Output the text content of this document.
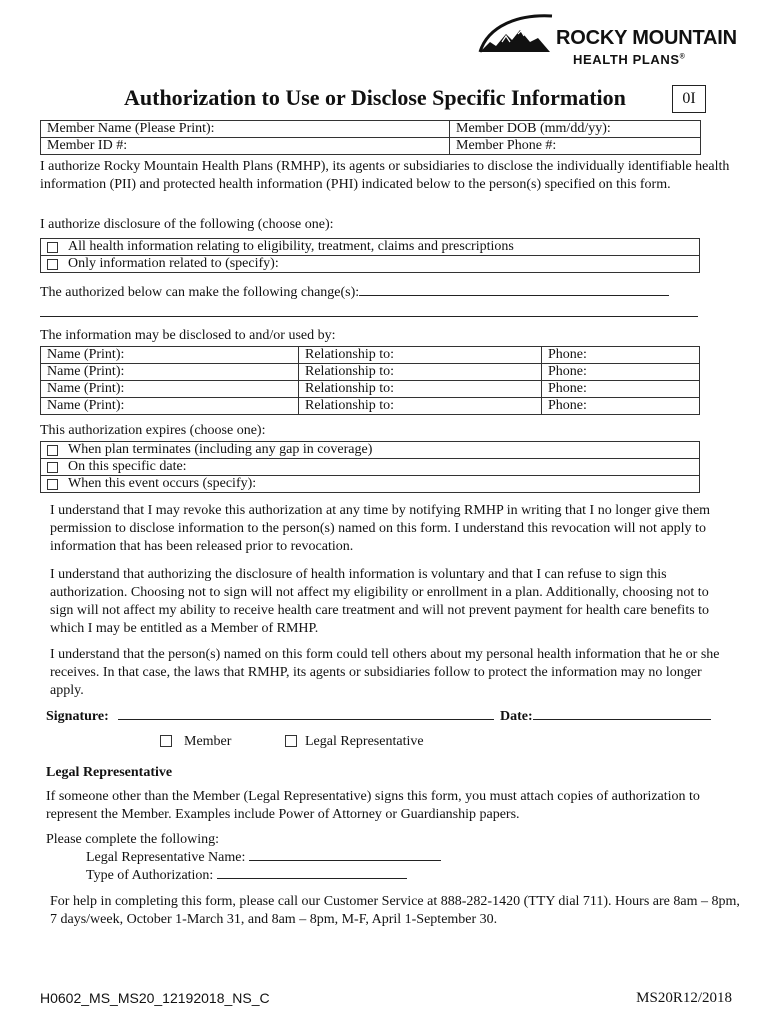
ROCKY MOUNTAIN
HEALTH PLANS®
Authorization to Use or Disclose Specific Information	0I
Member Name (Please Print):	Member DOB (mm/dd/yy):
Member ID #:	Member Phone #:
I authorize Rocky Mountain Health Plans (RMHP), its agents or subsidiaries to disclose the individually identifiable health information (PII) and protected health information (PHI) indicated below to the person(s) specified on this form.
I authorize disclosure of the following (choose one):
All health information relating to eligibility, treatment, claims and prescriptions
Only information related to (specify):
The authorized below can make the following change(s):
The information may be disclosed to and/or used by:
Name (Print):	Relationship to:	Phone:
Name (Print):	Relationship to:	Phone:
Name (Print):	Relationship to:	Phone:
Name (Print):	Relationship to:	Phone:
This authorization expires (choose one):
When plan terminates (including any gap in coverage)
On this specific date:
When this event occurs (specify):
I understand that I may revoke this authorization at any time by notifying RMHP in writing that I no longer give them permission to disclose information to the person(s) named on this form. I understand this revocation will not apply to information that has been released prior to revocation.
I understand that authorizing the disclosure of health information is voluntary and that I can refuse to sign this authorization. Choosing not to sign will not affect my eligibility or enrollment in a plan. Additionally, choosing not to sign will not affect my ability to receive health care treatment and will not prevent payment for health care benefits to which I may be entitled as a Member of RMHP.
I understand that the person(s) named on this form could tell others about my personal health information that he or she receives. In that case, the laws that RMHP, its agents or subsidiaries follow to protect the information may no longer apply.
Signature:	Date:
Member	Legal Representative
Legal Representative
If someone other than the Member (Legal Representative) signs this form, you must attach copies of authorization to represent the Member. Examples include Power of Attorney or Guardianship papers.
Please complete the following:
Legal Representative Name:
Type of Authorization:
For help in completing this form, please call our Customer Service at 888-282-1420 (TTY dial 711). Hours are 8am – 8pm, 7 days/week, October 1-March 31, and 8am – 8pm, M-F, April 1-September 30.
H0602_MS_MS20_12192018_NS_C	MS20R12/2018
